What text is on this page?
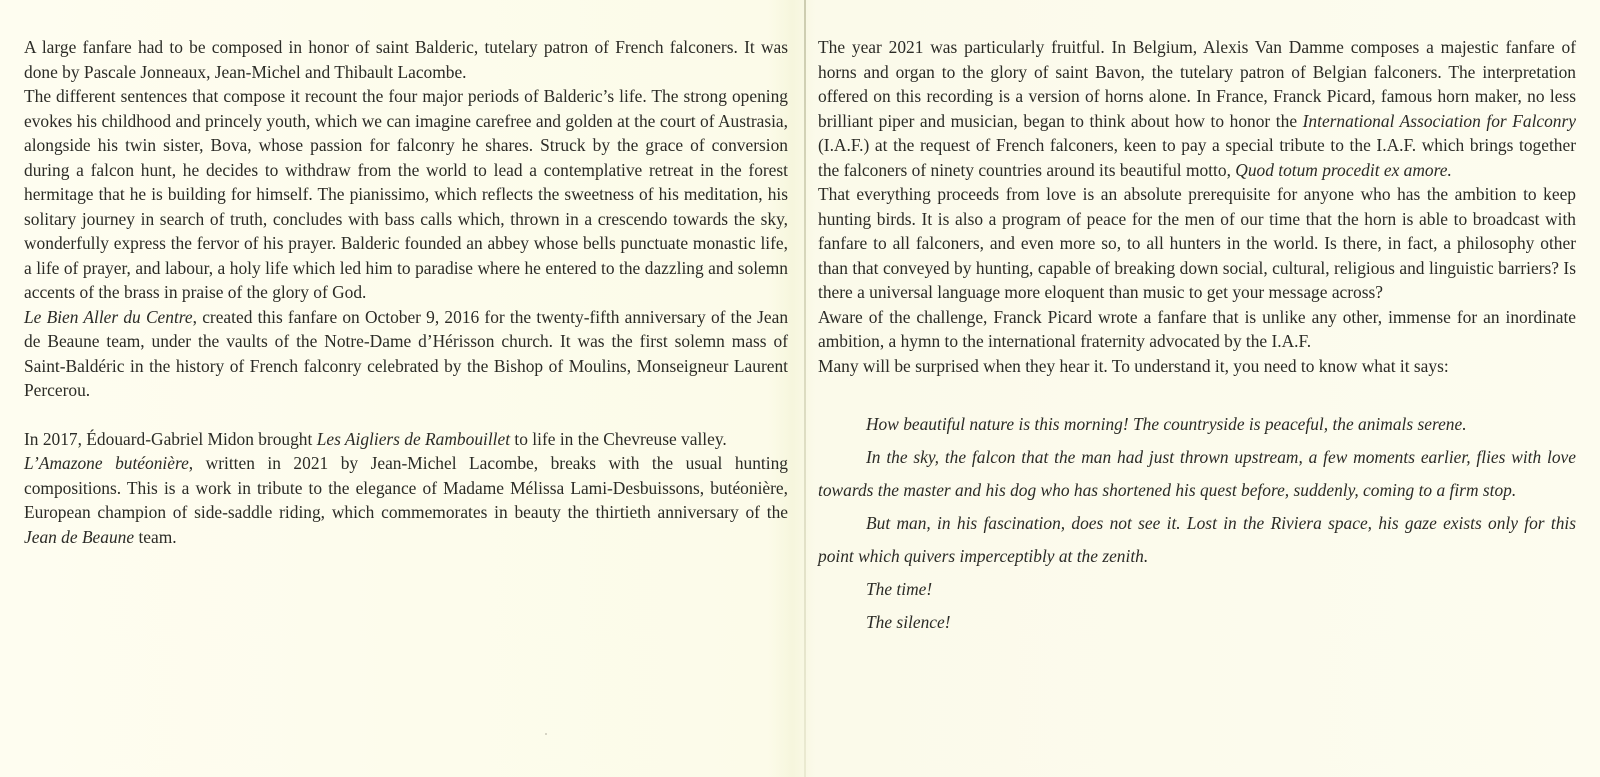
A large fanfare had to be composed in honor of saint Balderic, tutelary patron of French falconers. It was done by Pascale Jonneaux, Jean-Michel and Thibault Lacombe.

The different sentences that compose it recount the four major periods of Balderic’s life. The strong opening evokes his childhood and princely youth, which we can imagine carefree and golden at the court of Austrasia, alongside his twin sister, Bova, whose passion for falconry he shares. Struck by the grace of conversion during a falcon hunt, he decides to withdraw from the world to lead a contemplative retreat in the forest hermitage that he is building for himself. The pianissimo, which reflects the sweetness of his meditation, his solitary journey in search of truth, concludes with bass calls which, thrown in a crescendo towards the sky, wonderfully express the fervor of his prayer. Balderic founded an abbey whose bells punctuate monastic life, a life of prayer, and labour, a holy life which led him to paradise where he entered to the dazzling and solemn accents of the brass in praise of the glory of God.

Le Bien Aller du Centre, created this fanfare on October 9, 2016 for the twenty-fifth anniversary of the Jean de Beaune team, under the vaults of the Notre-Dame d’Hérisson church. It was the first solemn mass of Saint-Baldéric in the history of French falconry celebrated by the Bishop of Moulins, Monseigneur Laurent Percerou.

In 2017, Édouard-Gabriel Midon brought Les Aigliers de Rambouillet to life in the Chevreuse valley.

L’Amazone butéonière, written in 2021 by Jean-Michel Lacombe, breaks with the usual hunting compositions. This is a work in tribute to the elegance of Madame Mélissa Lami-Desbuissons, butéonière, European champion of side-saddle riding, which commemorates in beauty the thirtieth anniversary of the Jean de Beaune team.

The year 2021 was particularly fruitful. In Belgium, Alexis Van Damme composes a majestic fanfare of horns and organ to the glory of saint Bavon, the tutelary patron of Belgian falconers. The interpretation offered on this recording is a version of horns alone. In France, Franck Picard, famous horn maker, no less brilliant piper and musician, began to think about how to honor the International Association for Falconry (I.A.F.) at the request of French falconers, keen to pay a special tribute to the I.A.F. which brings together the falconers of ninety countries around its beautiful motto, Quod totum procedit ex amore.

That everything proceeds from love is an absolute prerequisite for anyone who has the ambition to keep hunting birds. It is also a program of peace for the men of our time that the horn is able to broadcast with fanfare to all falconers, and even more so, to all hunters in the world. Is there, in fact, a philosophy other than that conveyed by hunting, capable of breaking down social, cultural, religious and linguistic barriers? Is there a universal language more eloquent than music to get your message across?

Aware of the challenge, Franck Picard wrote a fanfare that is unlike any other, immense for an inordinate ambition, a hymn to the international fraternity advocated by the I.A.F.

Many will be surprised when they hear it. To understand it, you need to know what it says:

How beautiful nature is this morning! The countryside is peaceful, the animals serene.

In the sky, the falcon that the man had just thrown upstream, a few moments earlier, flies with love towards the master and his dog who has shortened his quest before, suddenly, coming to a firm stop.

But man, in his fascination, does not see it. Lost in the Riviera space, his gaze exists only for this point which quivers imperceptibly at the zenith.

The time!

The silence!
